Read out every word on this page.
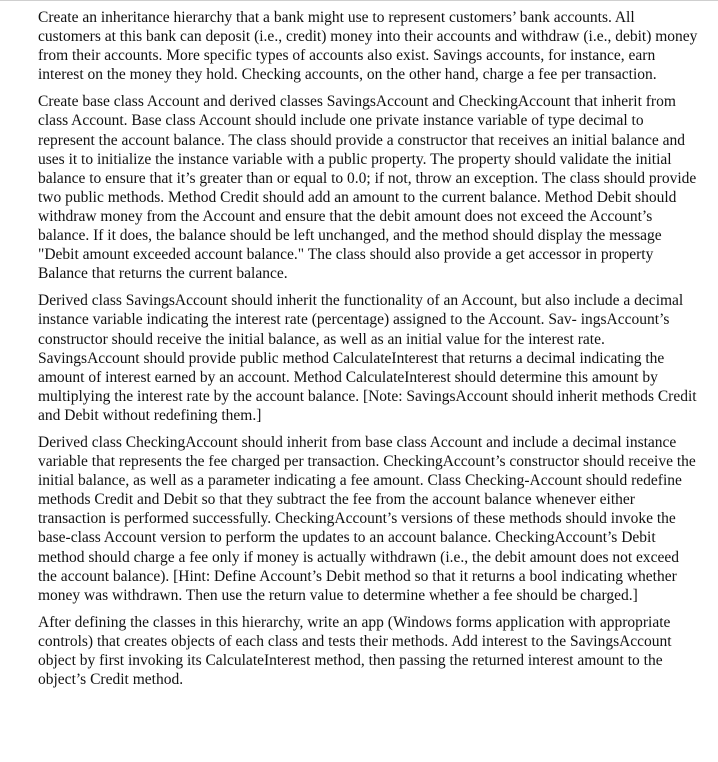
Create an inheritance hierarchy that a bank might use to represent customers’ bank accounts. All customers at this bank can deposit (i.e., credit) money into their accounts and withdraw (i.e., debit) money from their accounts. More specific types of accounts also exist. Savings accounts, for instance, earn interest on the money they hold. Checking accounts, on the other hand, charge a fee per transaction.

Create base class Account and derived classes SavingsAccount and CheckingAccount that inherit from class Account. Base class Account should include one private instance variable of type decimal to represent the account balance. The class should provide a constructor that receives an initial balance and uses it to initialize the instance variable with a public property. The property should validate the initial balance to ensure that it’s greater than or equal to 0.0; if not, throw an exception. The class should provide two public methods. Method Credit should add an amount to the current balance. Method Debit should withdraw money from the Account and ensure that the debit amount does not exceed the Account’s balance. If it does, the balance should be left unchanged, and the method should display the message "Debit amount exceeded account balance." The class should also provide a get accessor in property Balance that returns the current balance.

Derived class SavingsAccount should inherit the functionality of an Account, but also include a decimal instance variable indicating the interest rate (percentage) assigned to the Account. Sav- ingsAccount’s constructor should receive the initial balance, as well as an initial value for the interest rate. SavingsAccount should provide public method CalculateInterest that returns a decimal indicating the amount of interest earned by an account. Method CalculateInterest should determine this amount by multiplying the interest rate by the account balance. [Note: SavingsAccount should inherit methods Credit and Debit without redefining them.]

Derived class CheckingAccount should inherit from base class Account and include a decimal instance variable that represents the fee charged per transaction. CheckingAccount’s constructor should receive the initial balance, as well as a parameter indicating a fee amount. Class Checking-Account should redefine methods Credit and Debit so that they subtract the fee from the account balance whenever either transaction is performed successfully. CheckingAccount’s versions of these methods should invoke the base-class Account version to perform the updates to an account balance. CheckingAccount’s Debit method should charge a fee only if money is actually withdrawn (i.e., the debit amount does not exceed the account balance). [Hint: Define Account’s Debit method so that it returns a bool indicating whether money was withdrawn. Then use the return value to determine whether a fee should be charged.]

After defining the classes in this hierarchy, write an app (Windows forms application with appropriate controls) that creates objects of each class and tests their methods. Add interest to the SavingsAccount object by first invoking its CalculateInterest method, then passing the returned interest amount to the object’s Credit method.
